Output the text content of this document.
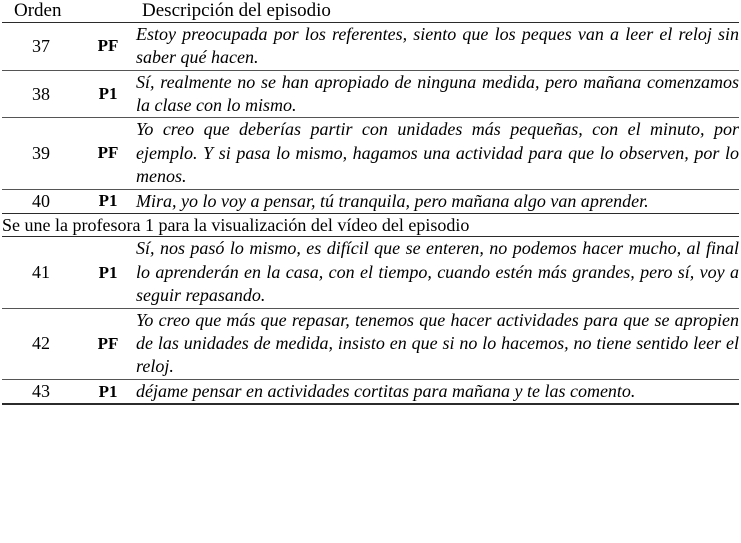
Orden		Descripción del episodio
37	PF	Estoy preocupada por los referentes, siento que los peques van a leer el reloj sin saber qué hacen.
38	P1	Sí, realmente no se han apropiado de ninguna medida, pero mañana comenzamos la clase con lo mismo.
39	PF	Yo creo que deberías partir con unidades más pequeñas, con el minuto, por ejemplo. Y si pasa lo mismo, hagamos una actividad para que lo observen, por lo menos.
40	P1	Mira, yo lo voy a pensar, tú tranquila, pero mañana algo van aprender.
Se une la profesora 1 para la visualización del vídeo del episodio		
41	P1	Sí, nos pasó lo mismo, es difícil que se enteren, no podemos hacer mucho, al final lo aprenderán en la casa, con el tiempo, cuando estén más grandes, pero sí, voy a seguir repasando.
42	PF	Yo creo que más que repasar, tenemos que hacer actividades para que se apropien de las unidades de medida, insisto en que si no lo hacemos, no tiene sentido leer el reloj.
43	P1	déjame pensar en actividades cortitas para mañana y te las comento.
